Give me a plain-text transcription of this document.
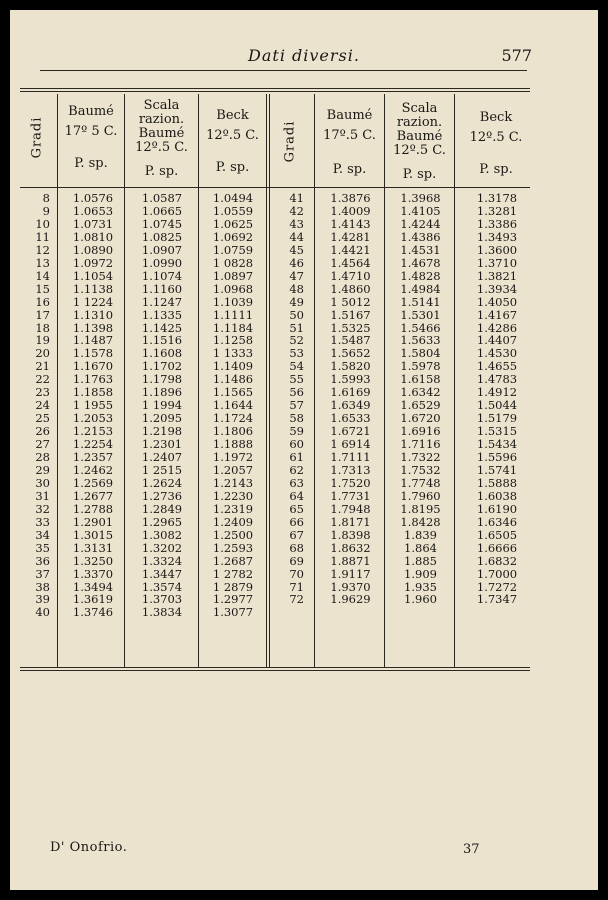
Dati diversi.	577
Gradi
Baumé
17º 5 C.
P. sp.
Scala
razion.
Baumé
12º.5 C.
P. sp.
Beck
12º.5 C.
P. sp.
Gradi
Baumé
17º.5 C.
P. sp.
Scala
razion.
Baumé
12º.5 C.
P. sp.
Beck
12º.5 C.
P. sp.
8
9
10
11
12
13
14
15
16
17
18
19
20
21
22
23
24
25
26
27
28
29
30
31
32
33
34
35
36
37
38
39
40
1.0576
1.0653
1.0731
1.0810
1.0890
1.0972
1.1054
1.1138
1 1224
1.1310
1.1398
1.1487
1.1578
1.1670
1.1763
1.1858
1 1955
1.2053
1.2153
1.2254
1.2357
1.2462
1.2569
1.2677
1.2788
1.2901
1.3015
1.3131
1.3250
1.3370
1.3494
1.3619
1.3746
1.0587
1.0665
1.0745
1.0825
1.0907
1.0990
1.1074
1.1160
1.1247
1.1335
1.1425
1.1516
1.1608
1.1702
1.1798
1.1896
1 1994
1.2095
1.2198
1.2301
1.2407
1 2515
1.2624
1.2736
1.2849
1.2965
1.3082
1.3202
1.3324
1.3447
1.3574
1.3703
1.3834
1.0494
1.0559
1.0625
1.0692
1.0759
1 0828
1.0897
1.0968
1.1039
1.1111
1.1184
1.1258
1 1333
1.1409
1.1486
1.1565
1.1644
1.1724
1.1806
1.1888
1.1972
1.2057
1.2143
1.2230
1.2319
1.2409
1.2500
1.2593
1.2687
1 2782
1 2879
1.2977
1.3077
41
42
43
44
45
46
47
48
49
50
51
52
53
54
55
56
57
58
59
60
61
62
63
64
65
66
67
68
69
70
71
72
1.3876
1.4009
1.4143
1.4281
1.4421
1.4564
1.4710
1.4860
1 5012
1.5167
1.5325
1.5487
1.5652
1.5820
1.5993
1.6169
1.6349
1.6533
1.6721
1 6914
1.7111
1.7313
1.7520
1.7731
1.7948
1.8171
1.8398
1.8632
1.8871
1.9117
1.9370
1.9629
1.3968
1.4105
1.4244
1.4386
1.4531
1.4678
1.4828
1.4984
1.5141
1.5301
1.5466
1.5633
1.5804
1.5978
1.6158
1.6342
1.6529
1.6720
1.6916
1.7116
1.7322
1.7532
1.7748
1.7960
1.8195
1.8428
1.839
1.864
1.885
1.909
1.935
1.960
1.3178
1.3281
1.3386
1.3493
1.3600
1.3710
1.3821
1.3934
1.4050
1.4167
1.4286
1.4407
1.4530
1.4655
1.4783
1.4912
1.5044
1.5179
1.5315
1.5434
1.5596
1.5741
1.5888
1.6038
1.6190
1.6346
1.6505
1.6666
1.6832
1.7000
1.7272
1.7347
D' Onofrio.	37
